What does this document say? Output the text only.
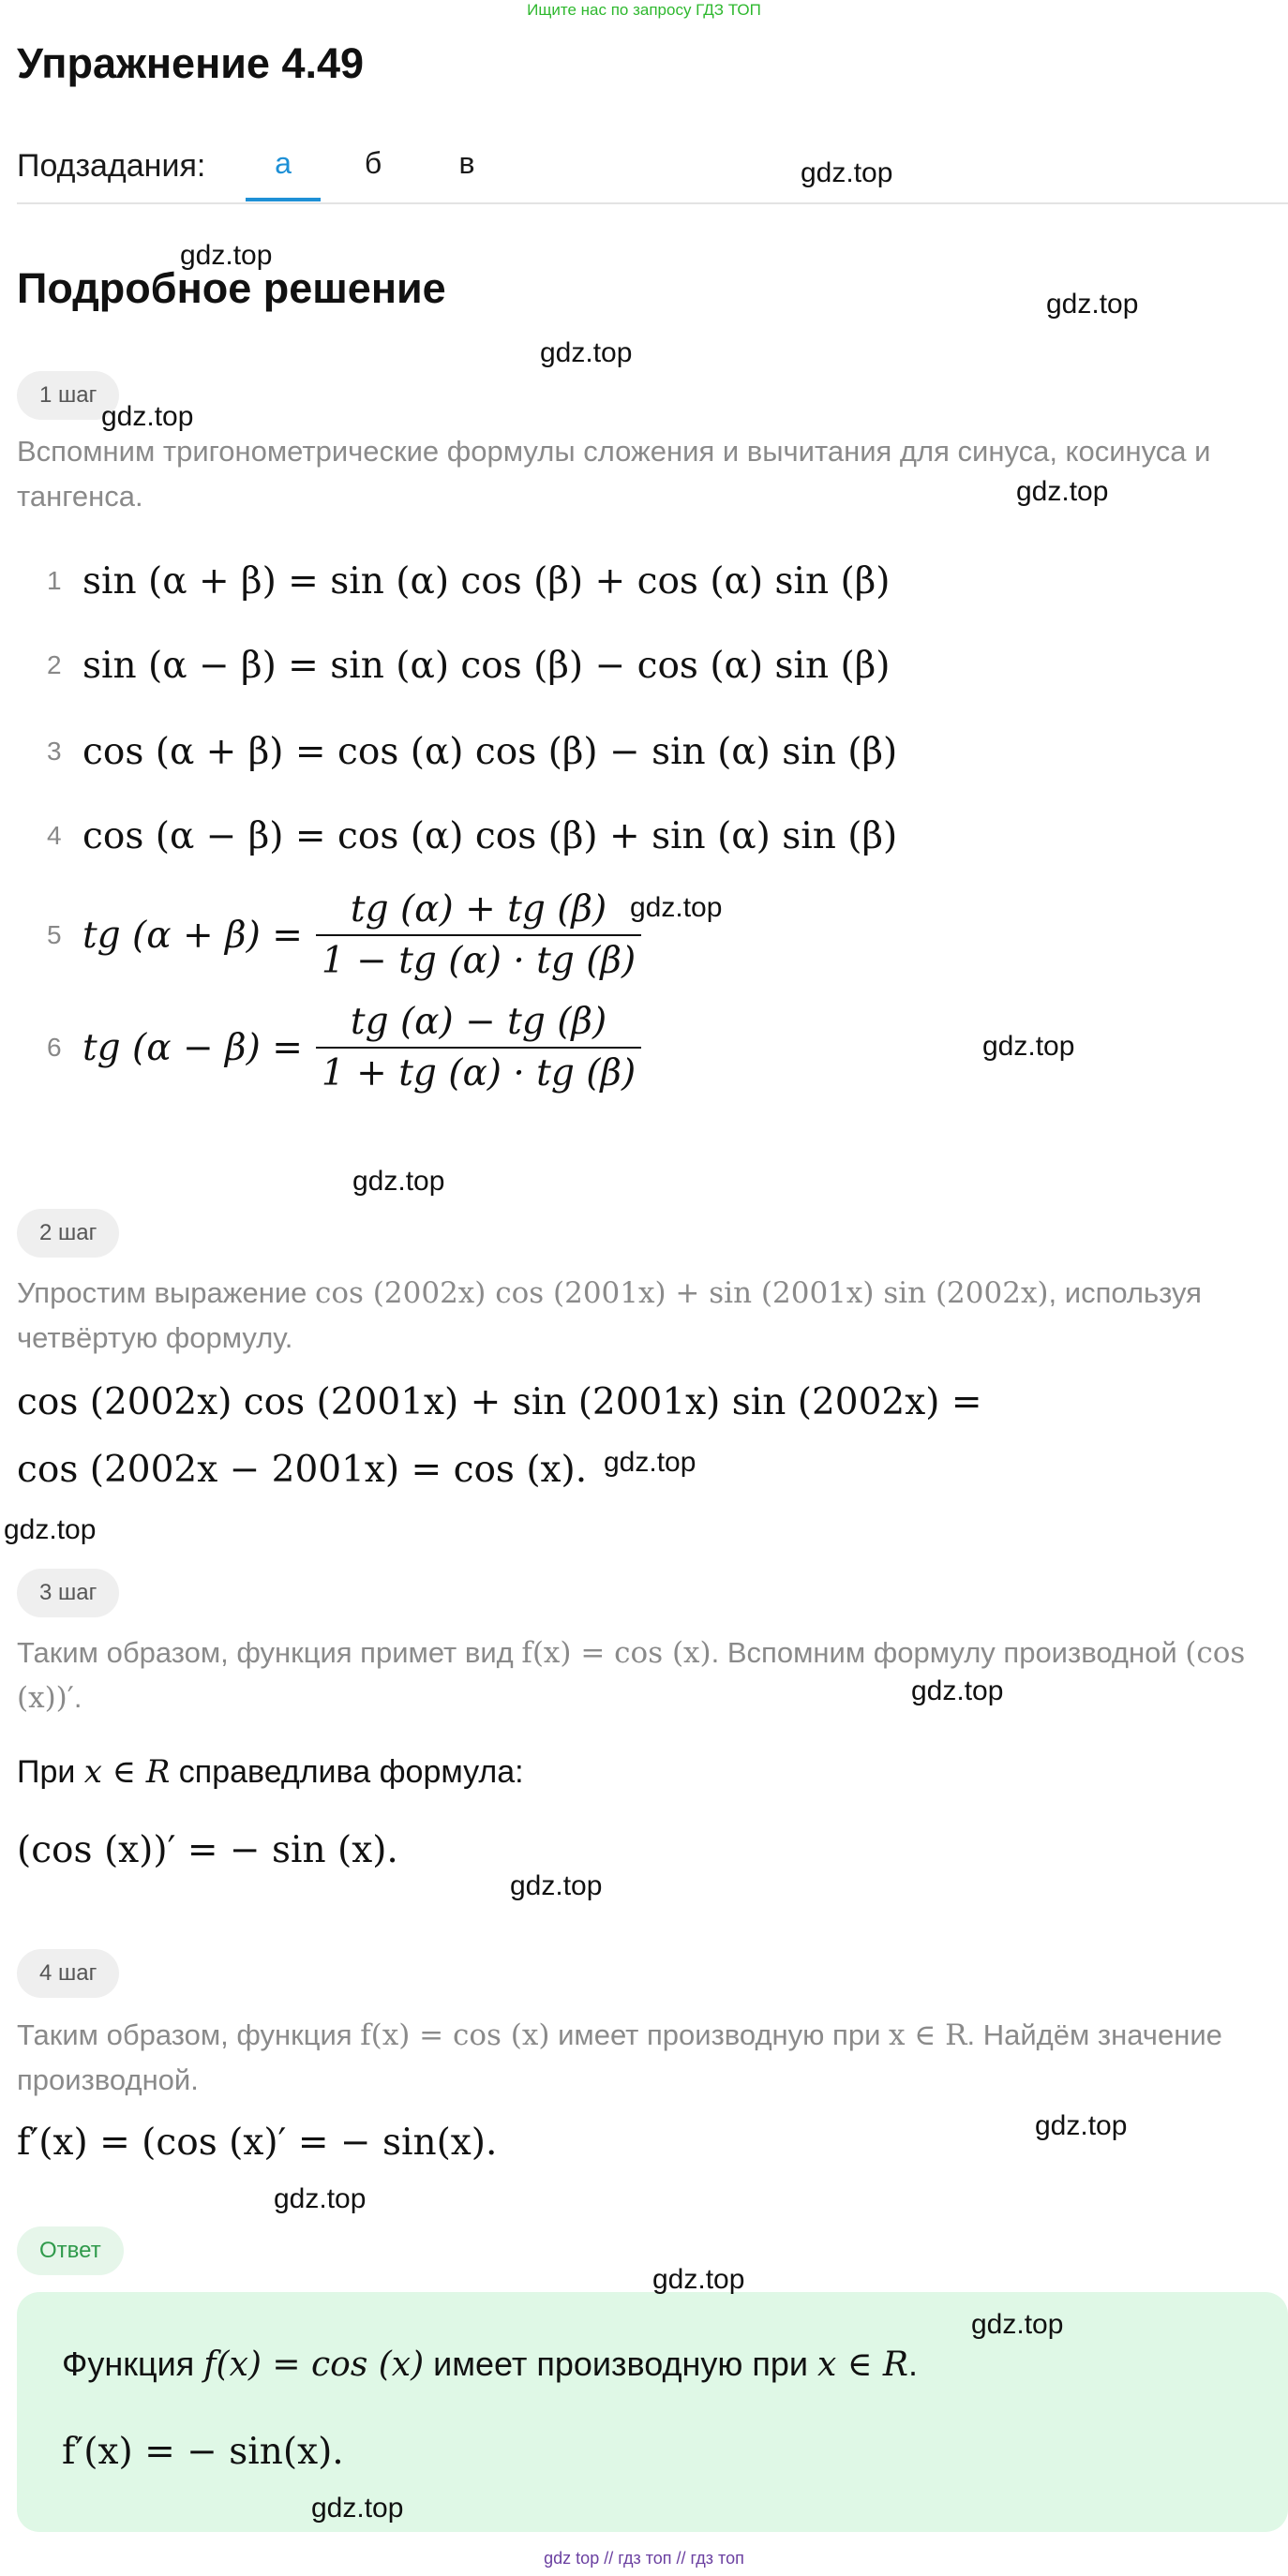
Ищите нас по запросу ГДЗ ТОП
Упражнение 4.49
Подзадания:	а	б	в
Подробное решение
1 шаг
Вспомним тригонометрические формулы сложения и вычитания для синуса, косинуса и тангенса.
1 sin (α + β) = sin (α) cos (β) + cos (α) sin (β)
2 sin (α − β) = sin (α) cos (β) − cos (α) sin (β)
3 cos (α + β) = cos (α) cos (β) − sin (α) sin (β)
4 cos (α − β) = cos (α) cos (β) + sin (α) sin (β)
5 tg $(\alpha + \beta) = \frac{tg (\alpha) + tg (\beta)}{1 - tg (\alpha) \cdot tg (\beta)}$
6 tg $(\alpha - \beta) = \frac{tg (\alpha) - tg (\beta)}{1 + tg (\alpha) \cdot tg (\beta)}$
2 шаг
Упростим выражение cos (2002x) cos (2001x) + sin (2001x) sin (2002x), используя четвёртую формулу.
cos (2002x) cos (2001x) + sin (2001x) sin (2002x) =
cos (2002x − 2001x) = cos (x).
3 шаг
Таким образом, функция примет вид f(x) = cos (x). Вспомним формулу производной (cos (x))′.
При x ∈ R справедлива формула:
(cos (x))′ = − sin (x).
4 шаг
Таким образом, функция f(x) = cos (x) имеет производную при x ∈ R. Найдём значение производной.
f′(x) = (cos (x)′ = − sin(x).
Ответ
Функция f(x) = cos (x) имеет производную при x ∈ R.
f′(x) = − sin(x).
gdz.top
gdz.top
gdz.top
gdz.top
gdz.top
gdz.top
gdz.top
gdz.top
gdz.top
gdz.top
gdz.top
gdz.top
gdz.top
gdz.top
gdz.top
gdz.top
gdz.top
gdz.top
gdz top // гдз топ // гдз топ
